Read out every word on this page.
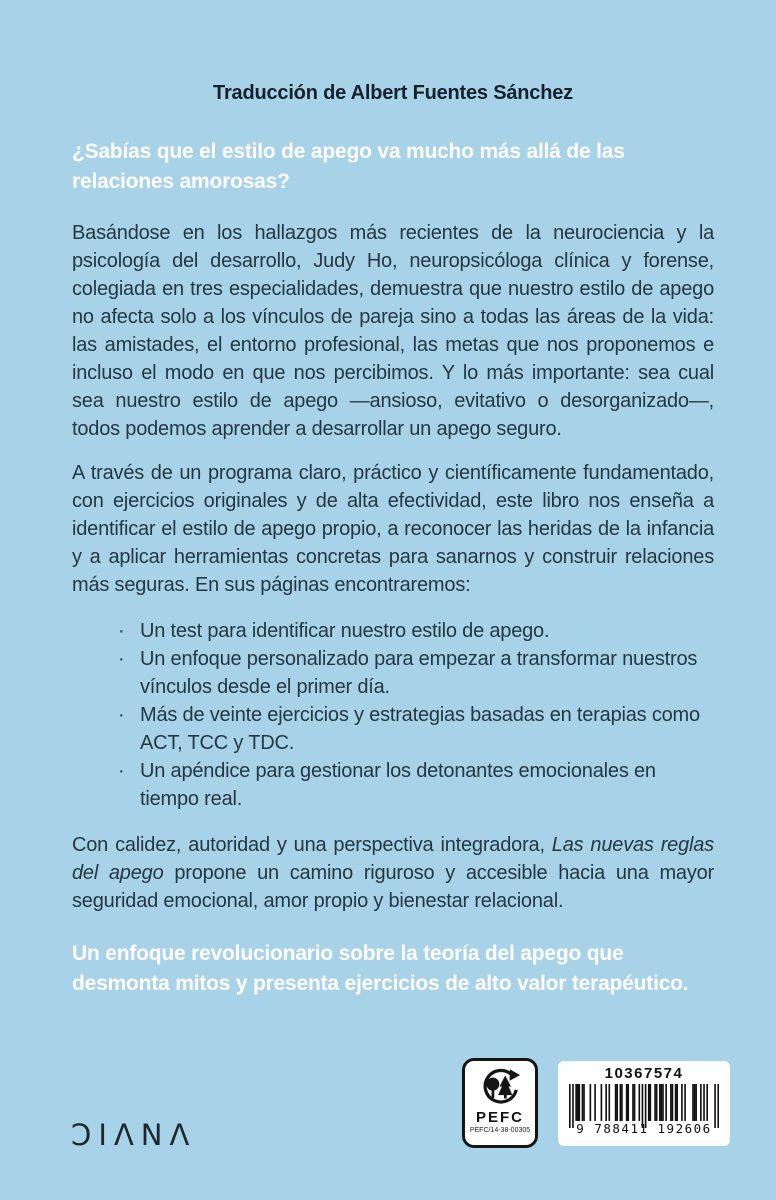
Traducción de Albert Fuentes Sánchez
¿Sabías que el estilo de apego va mucho más allá de las relaciones amorosas?

Basándose en los hallazgos más recientes de la neurociencia y la psicología del desarrollo, Judy Ho, neuropsicóloga clínica y forense, colegiada en tres especialidades, demuestra que nuestro estilo de apego no afecta solo a los vínculos de pareja sino a todas las áreas de la vida: las amistades, el entorno profesional, las metas que nos proponemos e incluso el modo en que nos percibimos. Y lo más importante: sea cual sea nuestro estilo de apego —ansioso, evitativo o desorganizado—, todos podemos aprender a desarrollar un apego seguro.

A través de un programa claro, práctico y científicamente fundamentado, con ejercicios originales y de alta efectividad, este libro nos enseña a identificar el estilo de apego propio, a reconocer las heridas de la infancia y a aplicar herramientas concretas para sanarnos y construir relaciones más seguras. En sus páginas encontraremos:

· Un test para identificar nuestro estilo de apego.
· Un enfoque personalizado para empezar a transformar nuestros vínculos desde el primer día.
· Más de veinte ejercicios y estrategias basadas en terapias como ACT, TCC y TDC.
· Un apéndice para gestionar los detonantes emocionales en tiempo real.

Con calidez, autoridad y una perspectiva integradora, Las nuevas reglas del apego propone un camino riguroso y accesible hacia una mayor seguridad emocional, amor propio y bienestar relacional.

Un enfoque revolucionario sobre la teoría del apego que desmonta mitos y presenta ejercicios de alto valor terapéutico.
ƆIΛNΛ
PEFC
PEFC/14-38-00305
10367574
9 788411 192606
